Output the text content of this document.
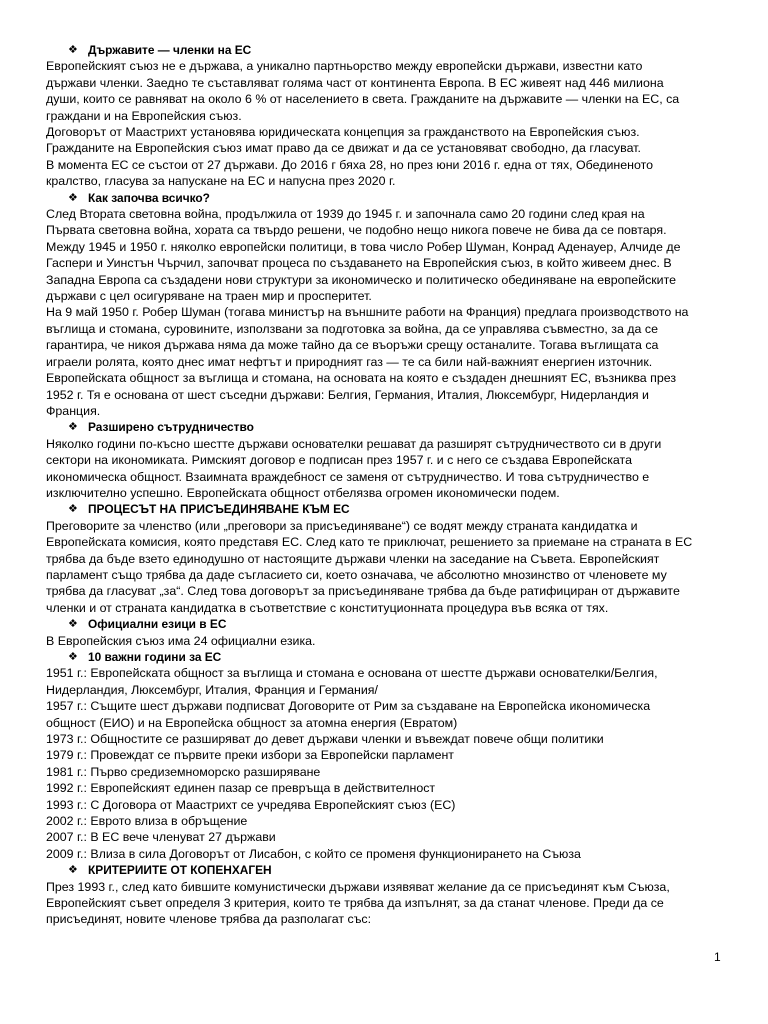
❖ Държавите — членки на ЕС

Европейският съюз не е държава, а уникално партньорство между европейски държави, известни като
държави членки. Заедно те съставляват голяма част от континента Европа. В ЕС живеят над 446 милиона
души, които се равняват на около 6 % от населението в света. Гражданите на държавите — членки на ЕС, са
граждани и на Европейския съюз.
Договорът от Маастрихт установява юридическата концепция за гражданството на Европейския съюз.
Гражданите на Европейския съюз имат право да се движат и да се установяват свободно, да гласуват.
В момента ЕС се състои от 27 държави. До 2016 г бяха 28, но през юни 2016 г. една от тях, Обединеното
кралство, гласува за напускане на ЕС и напусна през 2020 г.

❖ Как започва всичко?

След Втората световна война, продължила от 1939 до 1945 г. и започнала само 20 години след края на
Първата световна война, хората са твърдо решени, че подобно нещо никога повече не бива да се повтаря.
Между 1945 и 1950 г. няколко европейски политици, в това число Робер Шуман, Конрад Аденауер, Алчиде де
Гаспери и Уинстън Чърчил, започват процеса по създаването на Европейския съюз, в който живеем днес. В
Западна Европа са създадени нови структури за икономическо и политическо обединяване на европейските
държави с цел осигуряване на траен мир и просперитет.
На 9 май 1950 г. Робер Шуман (тогава министър на външните работи на Франция) предлага производството на
въглища и стомана, суровините, използвани за подготовка за война, да се управлява съвместно, за да се
гарантира, че никоя държава няма да може тайно да се въоръжи срещу останалите. Тогава въглищата са
играели ролята, която днес имат нефтът и природният газ — те са били най-важният енергиен източник.
Европейската общност за въглища и стомана, на основата на която е създаден днешният ЕС, възниква през
1952 г. Тя е основана от шест съседни държави: Белгия, Германия, Италия, Люксембург, Нидерландия и
Франция.

❖ Разширено сътрудничество

Няколко години по-късно шестте държави основателки решават да разширят сътрудничеството си в други
сектори на икономиката. Римският договор е подписан през 1957 г. и с него се създава Европейската
икономическа общност. Взаимната враждебност се заменя от сътрудничество. И това сътрудничество е
изключително успешно. Европейската общност отбелязва огромен икономически подем.

❖ ПРОЦЕСЪТ НА ПРИСЪЕДИНЯВАНЕ КЪМ ЕС

Преговорите за членство (или „преговори за присъединяване“) се водят между страната кандидатка и
Европейската комисия, която представя ЕС. След като те приключат, решението за приемане на страната в ЕС
трябва да бъде взето единодушно от настоящите държави членки на заседание на Съвета. Европейският
парламент също трябва да даде съгласието си, което означава, че абсолютно мнозинство от членовете му
трябва да гласуват „за“. След това договорът за присъединяване трябва да бъде ратифициран от държавите
членки и от страната кандидатка в съответствие с конституционната процедура във всяка от тях.

❖ Официални езици в ЕС

В Европейския съюз има 24 официални езика.

❖ 10 важни години за ЕС
1951 г.: Европейската общност за въглища и стомана е основана от шестте държави основателки/Белгия,
Нидерландия, Люксембург, Италия, Франция и Германия/
1957 г.: Същите шест държави подписват Договорите от Рим за създаване на Европейска икономическа
общност (ЕИО) и на Европейска общност за атомна енергия (Евратом)
1973 г.: Общностите се разширяват до девет държави членки и въвеждат повече общи политики
1979 г.: Провеждат се първите преки избори за Европейски парламент
1981 г.: Първо средиземноморско разширяване
1992 г.: Европейският единен пазар се превръща в действителност
1993 г.: С Договора от Маастрихт се учредява Европейският съюз (ЕС)
2002 г.: Еврото влиза в обръщение
2007 г.: В ЕС вече членуват 27 държави
2009 г.: Влиза в сила Договорът от Лисабон, с който се променя функционирането на Съюза
❖ КРИТЕРИИТЕ ОТ КОПЕНХАГЕН

През 1993 г., след като бившите комунистически държави изявяват желание да се присъединят към Съюза,
Европейският съвет определя 3 критерия, които те трябва да изпълнят, за да станат членове. Преди да се
присъединят, новите членове трябва да разполагат със:

1
